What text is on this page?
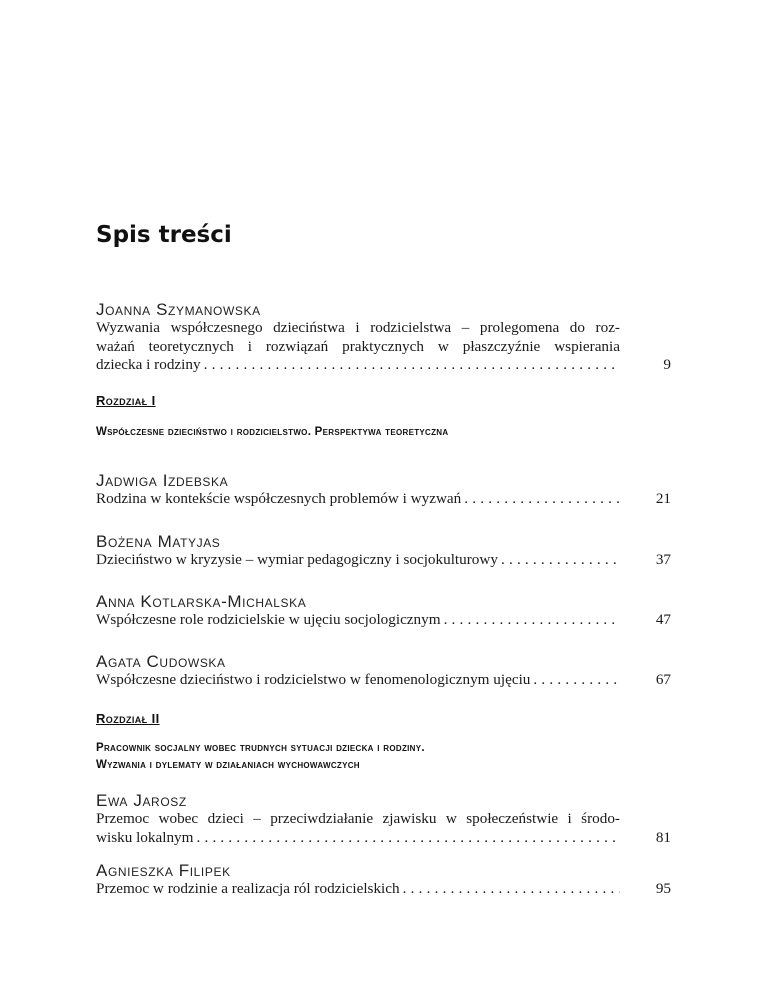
Spis treści
Joanna Szymanowska
Wyzwania współczesnego dzieciństwa i rodzicielstwa – prolegomena do roz-
ważań teoretycznych i rozwiązań praktycznych w płaszczyźnie wspierania
dziecka i rodziny . . .	9
Rozdział I
Współczesne dzieciństwo i rodzicielstwo. Perspektywa teoretyczna
Jadwiga Izdebska
Rodzina w kontekście współczesnych problemów i wyzwań . . .	21
Bożena Matyjas
Dzieciństwo w kryzysie – wymiar pedagogiczny i socjokulturowy . . .	37
Anna Kotlarska-Michalska
Współczesne role rodzicielskie w ujęciu socjologicznym . . .	47
Agata Cudowska
Współczesne dzieciństwo i rodzicielstwo w fenomenologicznym ujęciu . . .	67
Rozdział II
Pracownik socjalny wobec trudnych sytuacji dziecka i rodziny.
Wyzwania i dylematy w działaniach wychowawczych
Ewa Jarosz
Przemoc wobec dzieci – przeciwdziałanie zjawisku w społeczeństwie i środo-
wisku lokalnym . . .	81
Agnieszka Filipek
Przemoc w rodzinie a realizacja ról rodzicielskich . . .	95
